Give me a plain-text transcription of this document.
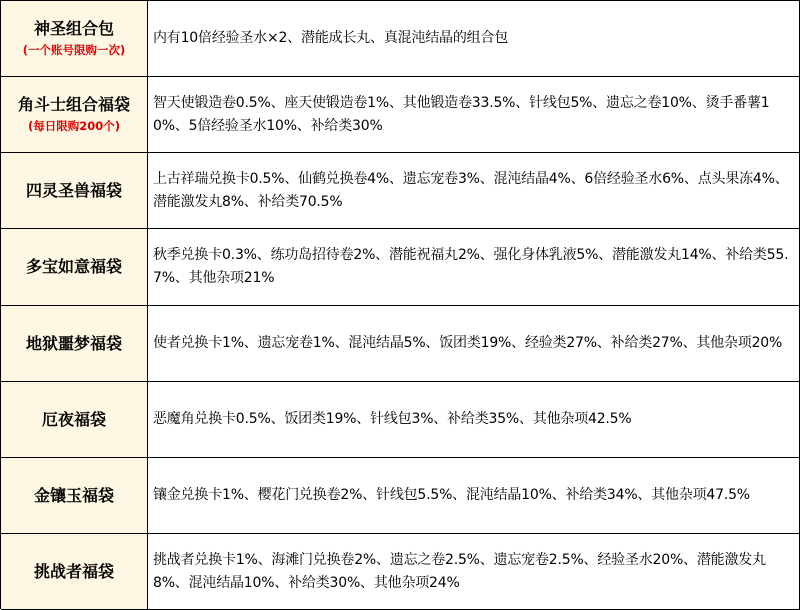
神圣组合包
(一个账号限购一次)
内有10倍经验圣水×2、潜能成长丸、真混沌结晶的组合包
角斗士组合福袋
(每日限购200个)
智天使锻造卷0.5%、座天使锻造卷1%、其他锻造卷33.5%、针线包5%、遗忘之卷10%、烫手番薯10%、5倍经验圣水10%、补给类30%
四灵圣兽福袋
上古祥瑞兑换卡0.5%、仙鹤兑换卷4%、遗忘宠卷3%、混沌结晶4%、6倍经验圣水6%、点头果冻4%、潜能激发丸8%、补给类70.5%
多宝如意福袋
秋季兑换卡0.3%、练功岛招待卷2%、潜能祝福丸2%、强化身体乳液5%、潜能激发丸14%、补给类55.7%、其他杂项21%
地狱噩梦福袋 使者兑换卡1%、遗忘宠卷1%、混沌结晶5%、饭团类19%、经验类27%、补给类27%、其他杂项20%
厄夜福袋	恶魔角兑换卡0.5%、饭团类19%、针线包3%、补给类35%、其他杂项42.5%
金镶玉福袋	镶金兑换卡1%、樱花门兑换卷2%、针线包5.5%、混沌结晶10%、补给类34%、其他杂项47.5%
挑战者福袋
挑战者兑换卡1%、海滩门兑换卷2%、遗忘之卷2.5%、遗忘宠卷2.5%、经验圣水20%、潜能激发丸8%、混沌结晶10%、补给类30%、其他杂项24%
